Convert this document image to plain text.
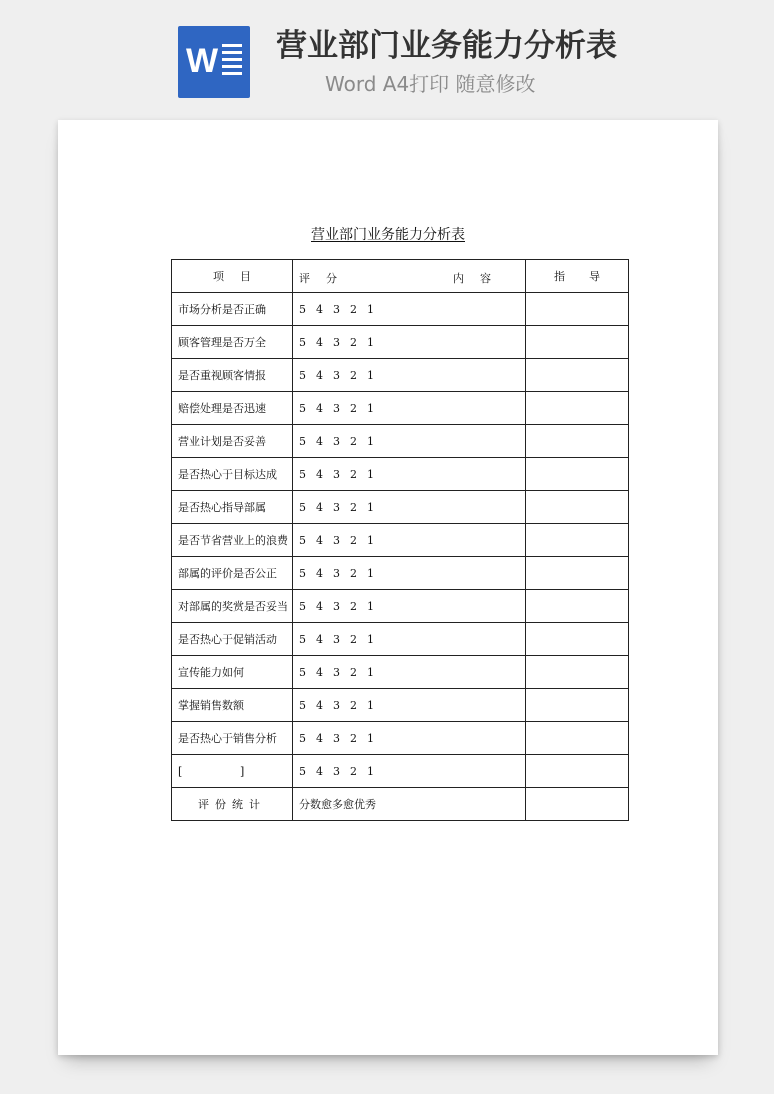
W 营业部门业务能力分析表
Word A4打印 随意修改
营业部门业务能力分析表
项目	评分 内容	指导
市场分析是否正确	5 4 3 2 1	
顾客管理是否万全	5 4 3 2 1	
是否重视顾客情报	5 4 3 2 1	
赔偿处理是否迅速	5 4 3 2 1	
营业计划是否妥善	5 4 3 2 1	
是否热心于目标达成	5 4 3 2 1	
是否热心指导部属	5 4 3 2 1	
是否节省营业上的浪费	5 4 3 2 1	
部属的评价是否公正	5 4 3 2 1	
对部属的奖赏是否妥当	5 4 3 2 1	
是否热心于促销活动	5 4 3 2 1	
宣传能力如何	5 4 3 2 1	
掌握销售数额	5 4 3 2 1	
是否热心于销售分析	5 4 3 2 1	

[ ]	5 4 3 2 1	
评份统计	分数愈多愈优秀	
